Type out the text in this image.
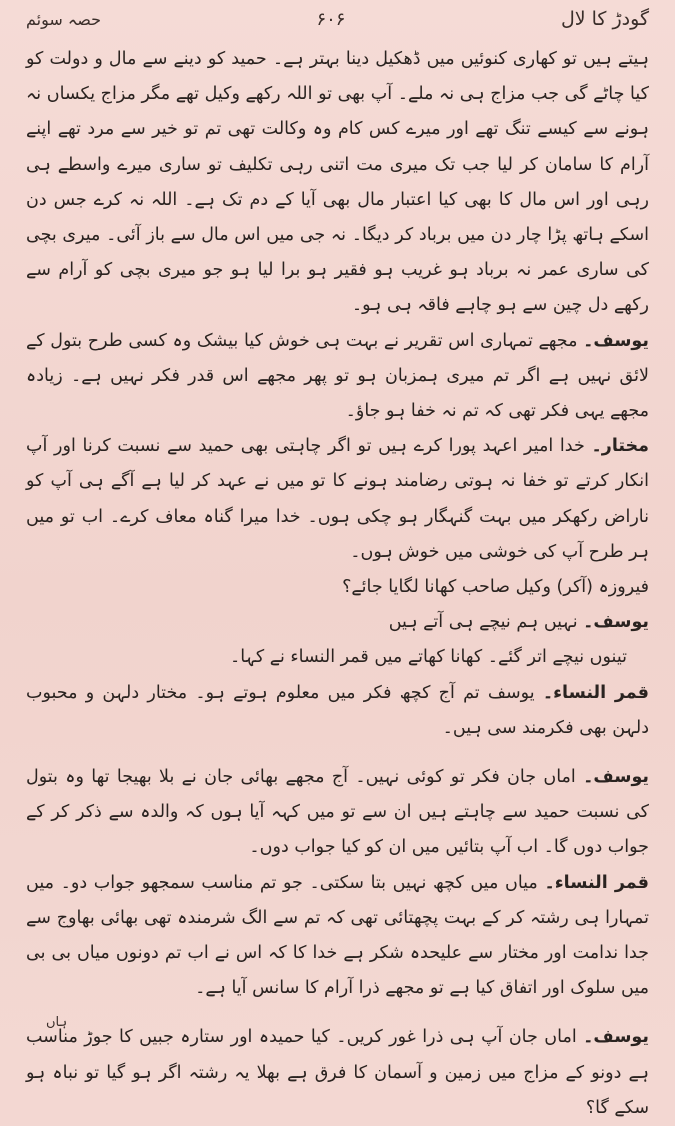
گودڑ کا لال
۶۰۶
حصہ سوئم

ہیتے ہیں تو کھاری کنوئیں میں ڈھکیل دینا بہتر ہے۔ حمید کو دینے سے مال و دولت کو کیا چاٹے گی جب مزاج ہی نہ ملے۔ آپ بھی تو اللہ رکھے وکیل تھے مگر مزاج یکساں نہ ہونے سے کیسے تنگ تھے اور میرے کس کام وہ وکالت تھی تم تو خیر سے مرد تھے اپنے آرام کا سامان کر لیا جب تک میری مت اتنی رہی تکلیف تو ساری میرے واسطے ہی رہی اور اس مال کا بھی کیا اعتبار مال بھی آیا کے دم تک ہے۔ اللہ نہ کرے جس دن اسکے ہاتھ پڑا چار دن میں برباد کر دیگا۔ نہ جی میں اس مال سے باز آئی۔ میری بچی کی ساری عمر نہ برباد ہو غریب ہو فقیر ہو برا لیا ہو جو میری بچی کو آرام سے رکھے دل چین سے ہو چاہے فاقہ ہی ہو۔

یوسف۔ مجھے تمہاری اس تقریر نے بہت ہی خوش کیا بیشک وہ کسی طرح بتول کے لائق نہیں ہے اگر تم میری ہمزبان ہو تو پھر مجھے اس قدر فکر نہیں ہے۔ زیادہ مجھے یہی فکر تھی کہ تم نہ خفا ہو جاؤ۔

مختار۔ خدا امیر اعہد پورا کرے ہیں تو اگر چاہتی بھی حمید سے نسبت کرنا اور آپ انکار کرتے تو خفا نہ ہوتی رضامند ہونے کا تو میں نے عہد کر لیا ہے آگے ہی آپ کو ناراض رکھکر میں بہت گنہگار ہو چکی ہوں۔ خدا میرا گناہ معاف کرے۔ اب تو میں ہر طرح آپ کی خوشی میں خوش ہوں۔

فیروزہ (آکر) وکیل صاحب کھانا لگایا جائے؟

یوسف۔ نہیں ہم نیچے ہی آتے ہیں

تینوں نیچے اتر گئے۔ کھانا کھاتے میں قمر النساء نے کہا۔

قمر النساء۔ یوسف تم آج کچھ فکر میں معلوم ہوتے ہو۔ مختار دلہن و محبوب دلہن بھی فکرمند سی ہیں۔

یوسف۔ اماں جان فکر تو کوئی نہیں۔ آج مجھے بھائی جان نے بلا بھیجا تھا وہ بتول کی نسبت حمید سے چاہتے ہیں ان سے تو میں کہہ آیا ہوں کہ والدہ سے ذکر کر کے جواب دوں گا۔ اب آپ بتائیں میں ان کو کیا جواب دوں۔

قمر النساء۔ میاں میں کچھ نہیں بتا سکتی۔ جو تم مناسب سمجھو جواب دو۔ میں تمہارا ہی رشتہ کر کے بہت پچھتائی تھی کہ تم سے الگ شرمندہ تھی بھائی بھاوج سے جدا ندامت اور مختار سے علیحدہ شکر ہے خدا کا کہ اس نے اب تم دونوں میاں بی بی میں سلوک اور اتفاق کیا ہے تو مجھے ذرا آرام کا سانس آیا ہے۔

یوسف۔ اماں جان آپ ہی ذرا غور کریں۔ کیا حمیدہ اور ستارہ جبیں کا جوڑ مناسب ہے دونو کے مزاج میں زمین و آسمان کا فرق ہے بھلا یہ رشتہ اگر ہو گیا تو نباہ ہو سکے گا؟

ہاں
